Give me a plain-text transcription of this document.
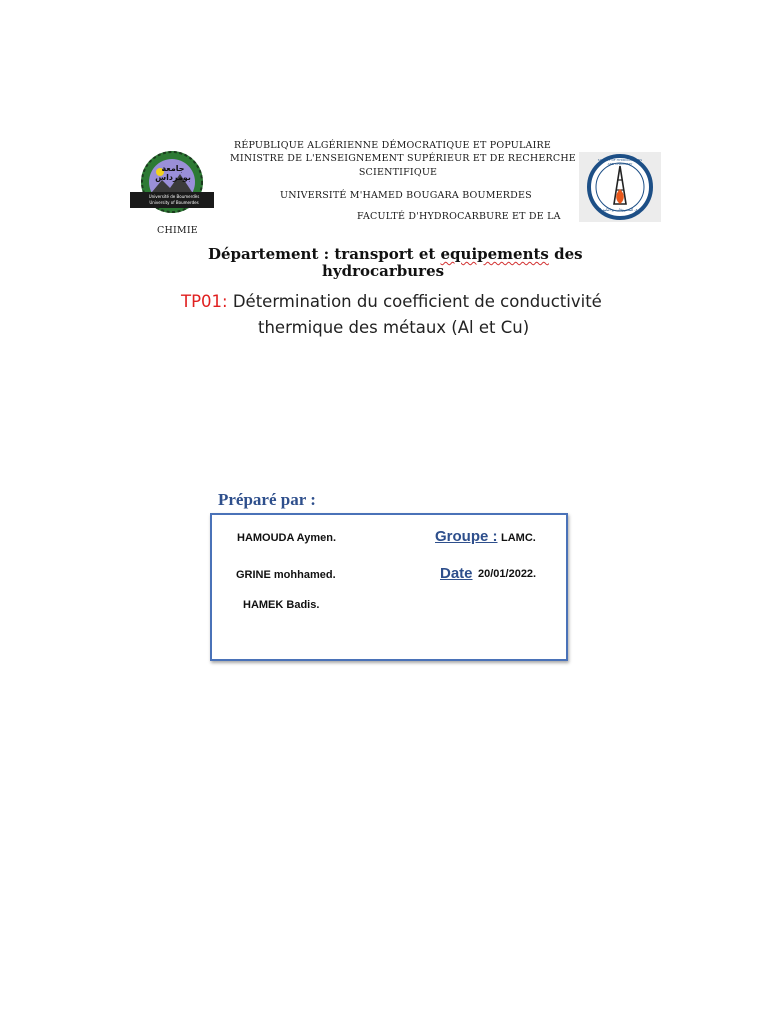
جامعة بومرداس
Université de Boumerdès
University of Boumerdes
SOCIETY OF HYDROCARBONS AND CHEMISTRY
نادي المحروقات و الكيمياء
RÉPUBLIQUE ALGÉRIENNE DÉMOCRATIQUE ET POPULAIRE
MINISTRE DE L'ENSEIGNEMENT SUPÉRIEUR ET DE RECHERCHE
SCIENTIFIQUE
UNIVERSITÉ M'HAMED BOUGARA BOUMERDES
FACULTÉ D'HYDROCARBURE ET DE LA
CHIMIE
Département : transport et equipements des
hydrocarbures
TP01: Détermination du coefficient de conductivité
thermique des métaux (Al et Cu)
Préparé par :
HAMOUDA Aymen.
GRINE mohhamed.
HAMEK Badis.
Groupe : LAMC.
Date 20/01/2022.
